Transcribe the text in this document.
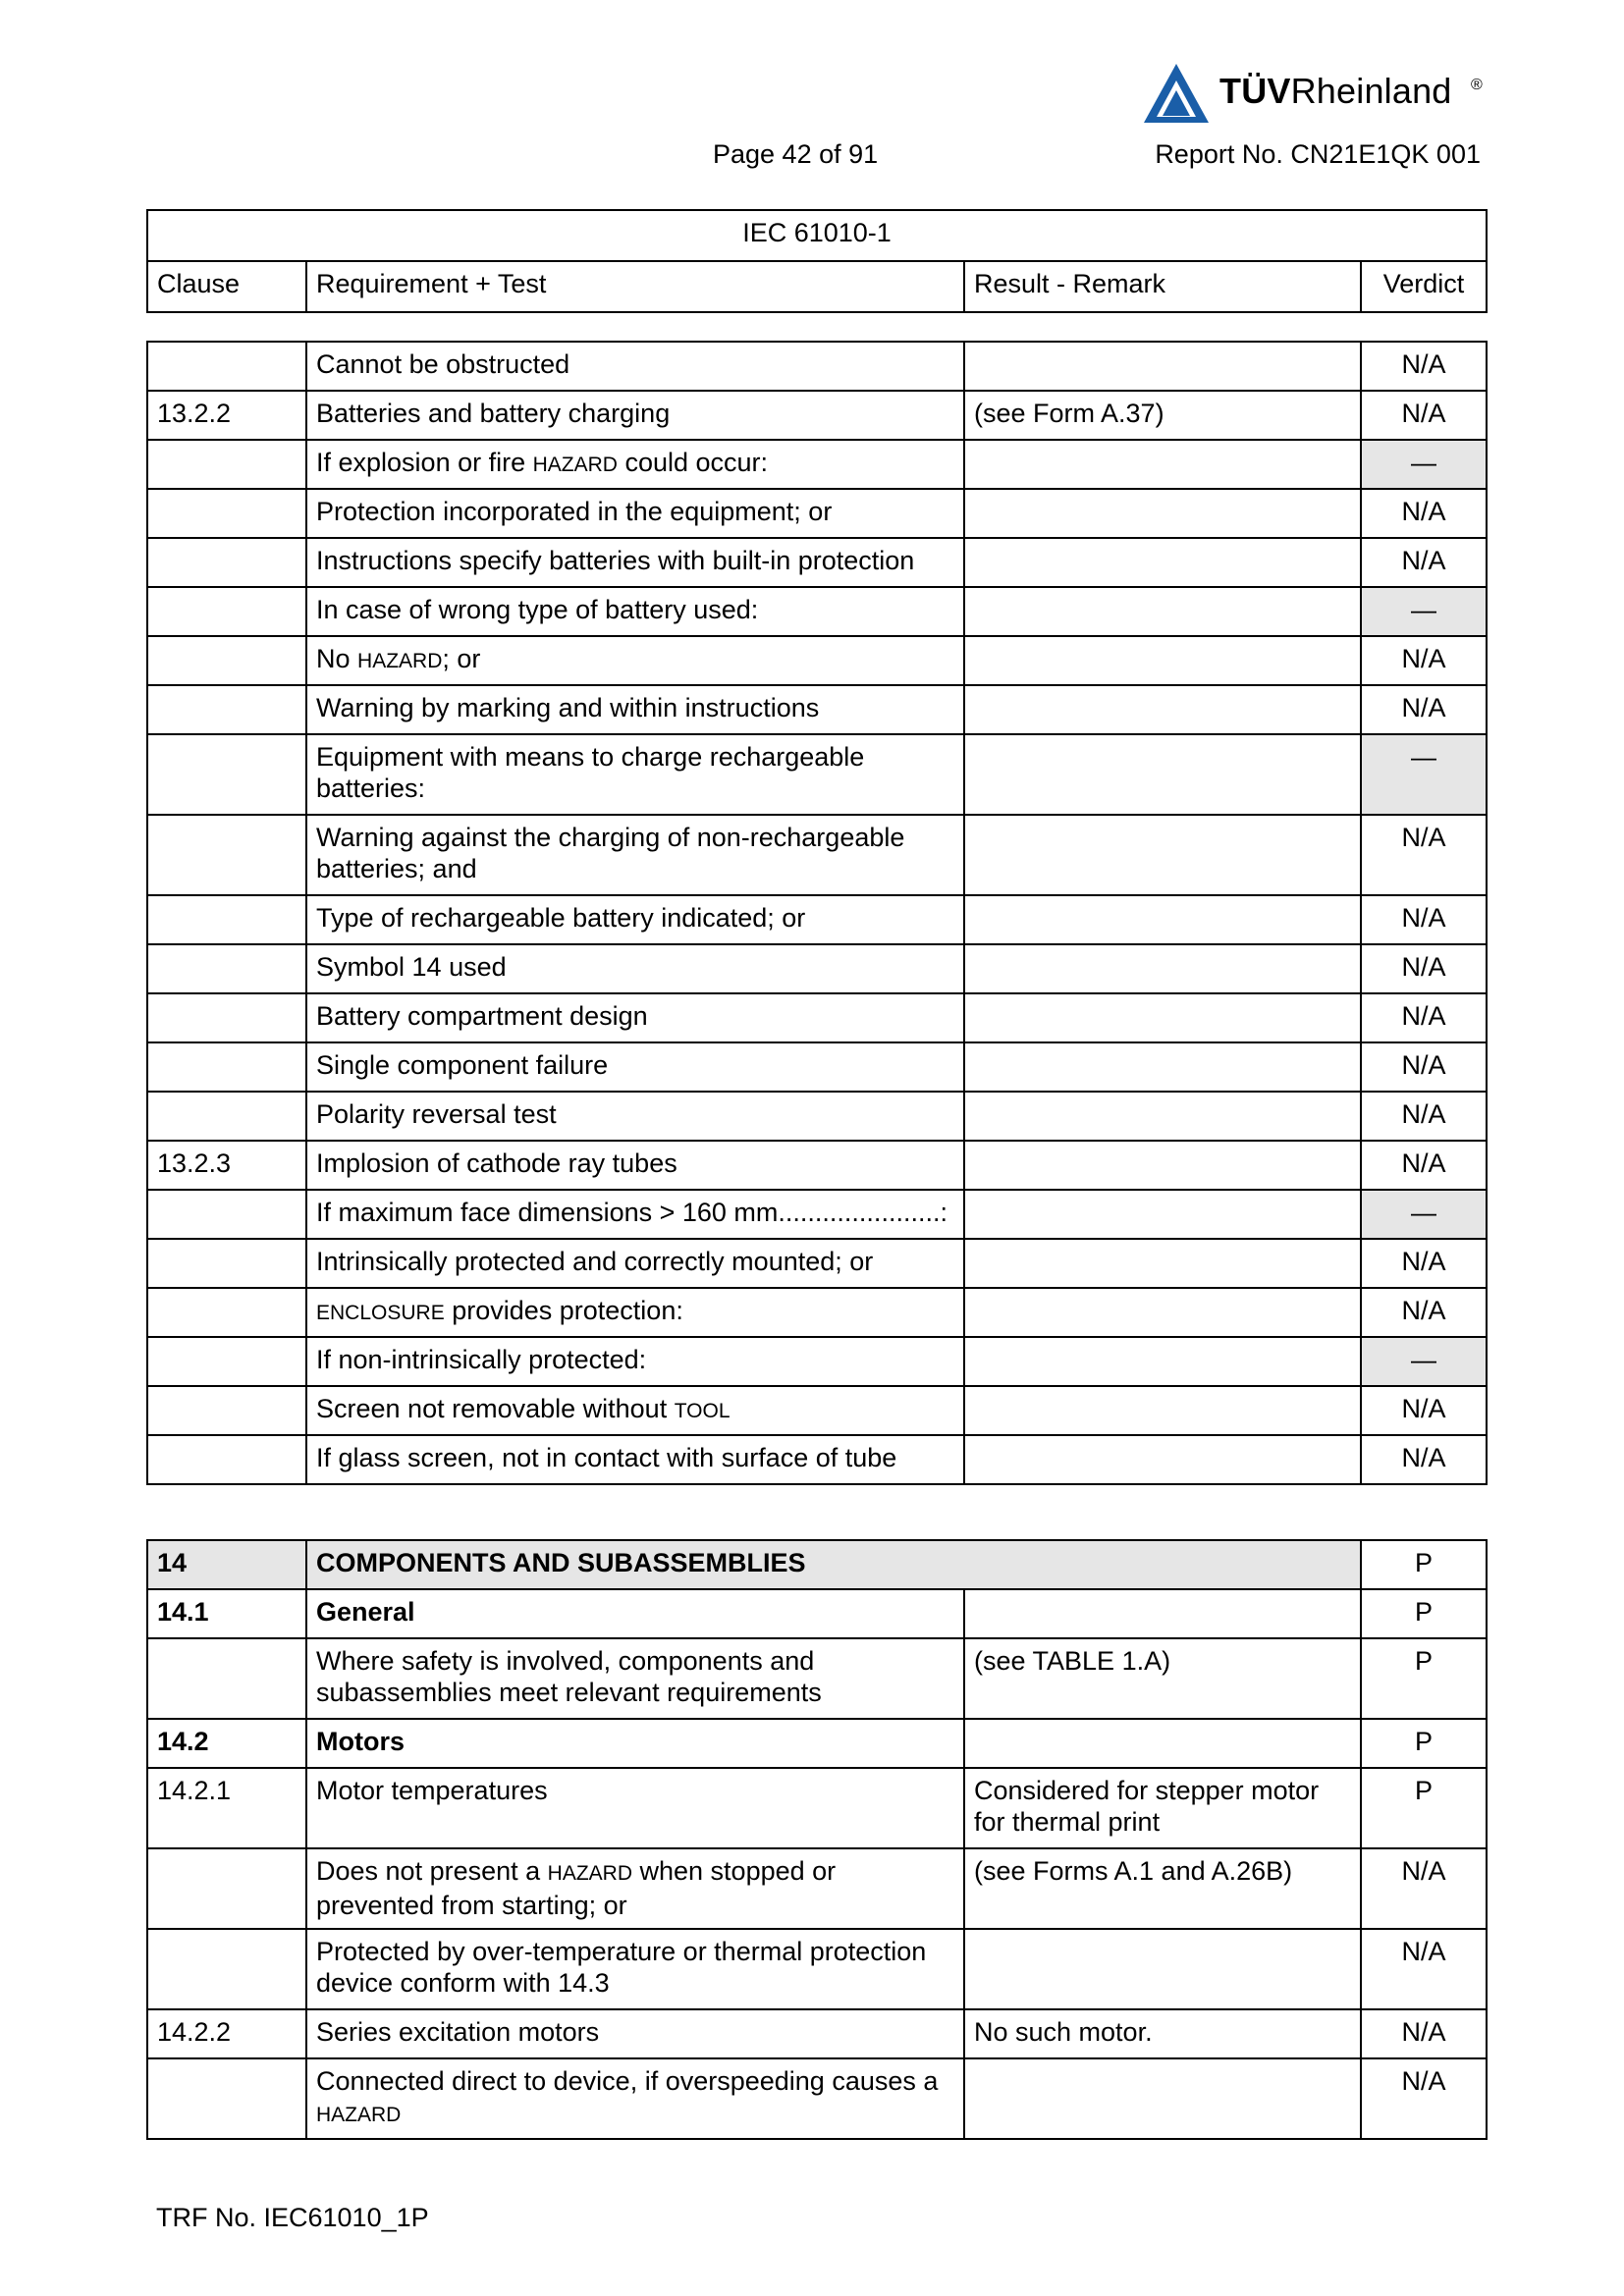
TÜVRheinland ®
Page 42 of 91	Report No. CN21E1QK 001
IEC 61010-1
Clause	Requirement + Test	Result - Remark	Verdict
	Cannot be obstructed		N/A
13.2.2	Batteries and battery charging	(see Form A.37)	N/A
	If explosion or fire HAZARD could occur:		—
	Protection incorporated in the equipment; or		N/A
	Instructions specify batteries with built-in protection		N/A
	In case of wrong type of battery used:		—
	No HAZARD; or		N/A
	Warning by marking and within instructions		N/A
	Equipment with means to charge rechargeable batteries:		—
	Warning against the charging of non-rechargeable batteries; and		N/A
	Type of rechargeable battery indicated; or		N/A
	Symbol 14 used		N/A
	Battery compartment design		N/A
	Single component failure		N/A
	Polarity reversal test		N/A
13.2.3	Implosion of cathode ray tubes		N/A
	If maximum face dimensions > 160 mm......................:		—
	Intrinsically protected and correctly mounted; or		N/A
	ENCLOSURE provides protection:		N/A
	If non-intrinsically protected:		—
	Screen not removable without TOOL		N/A
	If glass screen, not in contact with surface of tube		N/A
14	COMPONENTS AND SUBASSEMBLIES		P
14.1	General		P
	Where safety is involved, components and subassemblies meet relevant requirements	(see TABLE 1.A)	P
14.2	Motors		P
14.2.1	Motor temperatures	Considered for stepper motor for thermal print	P
	Does not present a HAZARD when stopped or prevented from starting; or	(see Forms A.1 and A.26B)	N/A
	Protected by over-temperature or thermal protection device conform with 14.3		N/A
14.2.2	Series excitation motors	No such motor.	N/A
	Connected direct to device, if overspeeding causes a HAZARD		N/A
TRF No. IEC61010_1P
